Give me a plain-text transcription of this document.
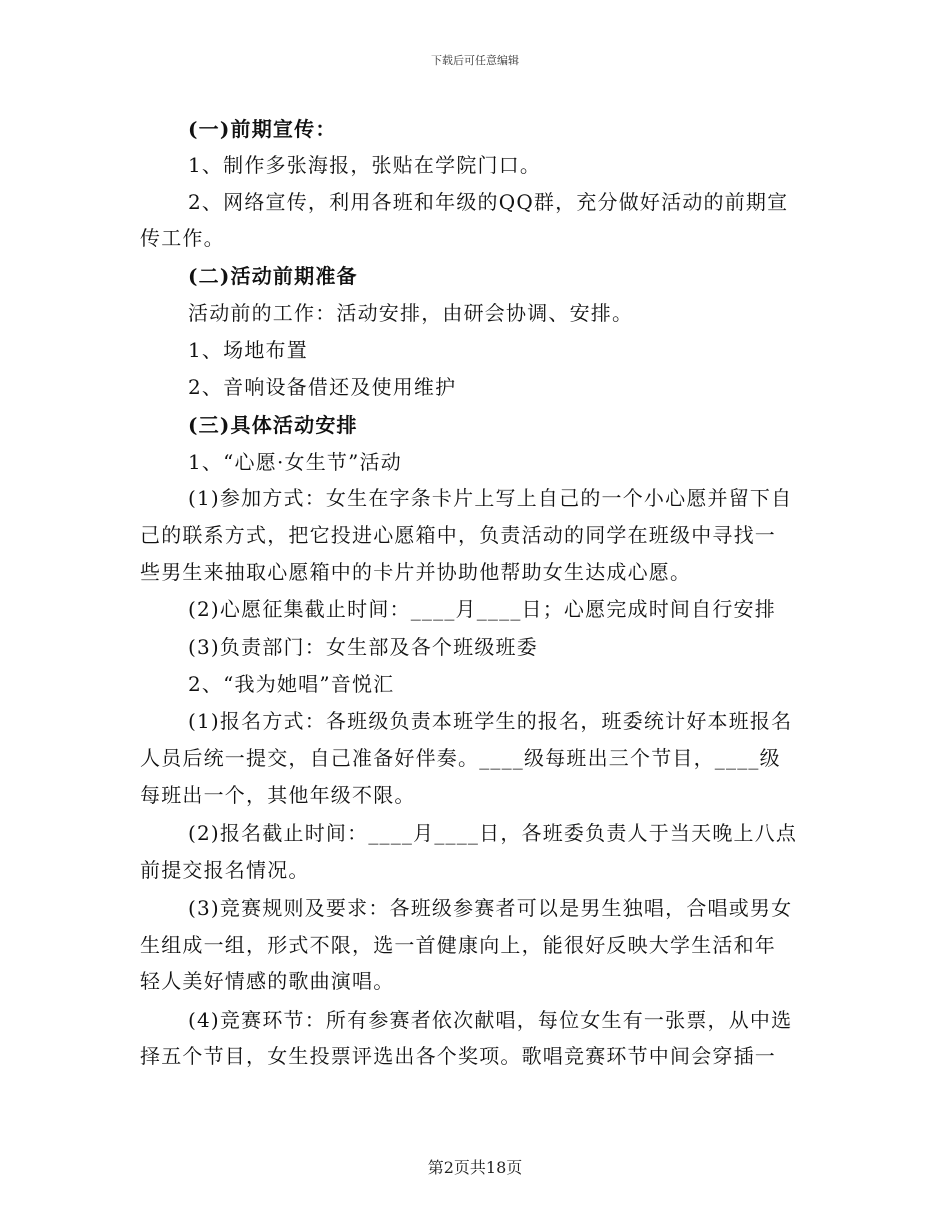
下载后可任意编辑
(一)前期宣传：
1、制作多张海报，张贴在学院门口。
2、网络宣传，利用各班和年级的QQ群，充分做好活动的前期宣
传工作。
(二)活动前期准备
活动前的工作：活动安排，由研会协调、安排。
1、场地布置
2、音响设备借还及使用维护
(三)具体活动安排
1、“心愿·女生节”活动
(1)参加方式：女生在字条卡片上写上自己的一个小心愿并留下自
己的联系方式，把它投进心愿箱中，负责活动的同学在班级中寻找一
些男生来抽取心愿箱中的卡片并协助他帮助女生达成心愿。
(2)心愿征集截止时间：____月____日；心愿完成时间自行安排
(3)负责部门：女生部及各个班级班委
2、“我为她唱”音悦汇
(1)报名方式：各班级负责本班学生的报名，班委统计好本班报名
人员后统一提交，自己准备好伴奏。____级每班出三个节目，____级
每班出一个，其他年级不限。
(2)报名截止时间：____月____日，各班委负责人于当天晚上八点
前提交报名情况。
(3)竞赛规则及要求：各班级参赛者可以是男生独唱，合唱或男女
生组成一组，形式不限，选一首健康向上，能很好反映大学生活和年
轻人美好情感的歌曲演唱。
(4)竞赛环节：所有参赛者依次献唱，每位女生有一张票，从中选
择五个节目，女生投票评选出各个奖项。歌唱竞赛环节中间会穿插一
第2页共18页
